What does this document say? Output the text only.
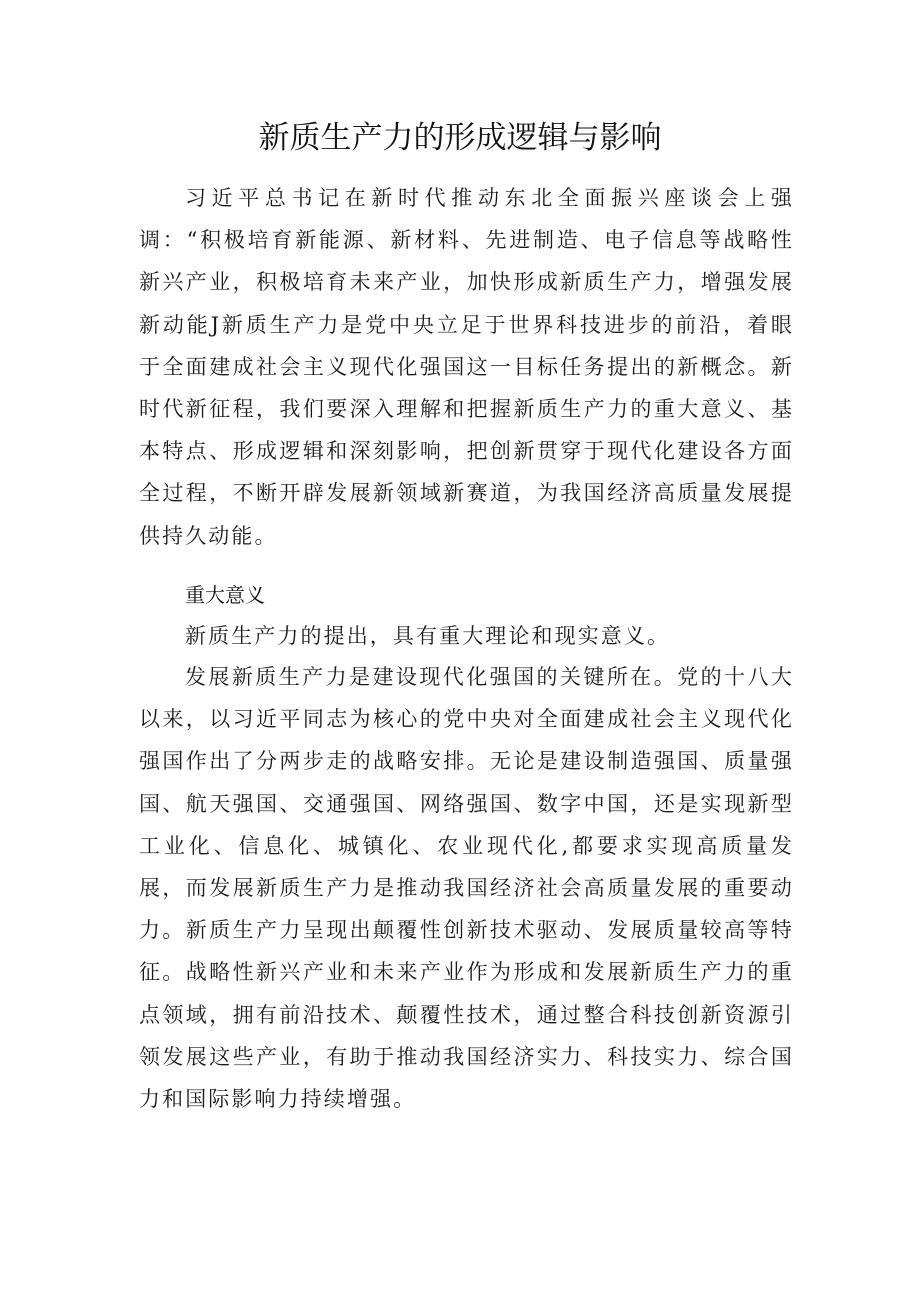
新质生产力的形成逻辑与影响

习近平总书记在新时代推动东北全面振兴座谈会上强调：“积极培育新能源、新材料、先进制造、电子信息等战略性新兴产业，积极培育未来产业，加快形成新质生产力，增强发展新动能J新质生产力是党中央立足于世界科技进步的前沿，着眼于全面建成社会主义现代化强国这一目标任务提出的新概念。新时代新征程，我们要深入理解和把握新质生产力的重大意义、基本特点、形成逻辑和深刻影响，把创新贯穿于现代化建设各方面全过程，不断开辟发展新领域新赛道，为我国经济高质量发展提供持久动能。

重大意义

新质生产力的提出，具有重大理论和现实意义。

发展新质生产力是建设现代化强国的关键所在。党的十八大以来，以习近平同志为核心的党中央对全面建成社会主义现代化强国作出了分两步走的战略安排。无论是建设制造强国、质量强国、航天强国、交通强国、网络强国、数字中国，还是实现新型工业化、信息化、城镇化、农业现代化,都要求实现高质量发展，而发展新质生产力是推动我国经济社会高质量发展的重要动力。新质生产力呈现出颠覆性创新技术驱动、发展质量较高等特征。战略性新兴产业和未来产业作为形成和发展新质生产力的重点领域，拥有前沿技术、颠覆性技术，通过整合科技创新资源引领发展这些产业，有助于推动我国经济实力、科技实力、综合国力和国际影响力持续增强。
